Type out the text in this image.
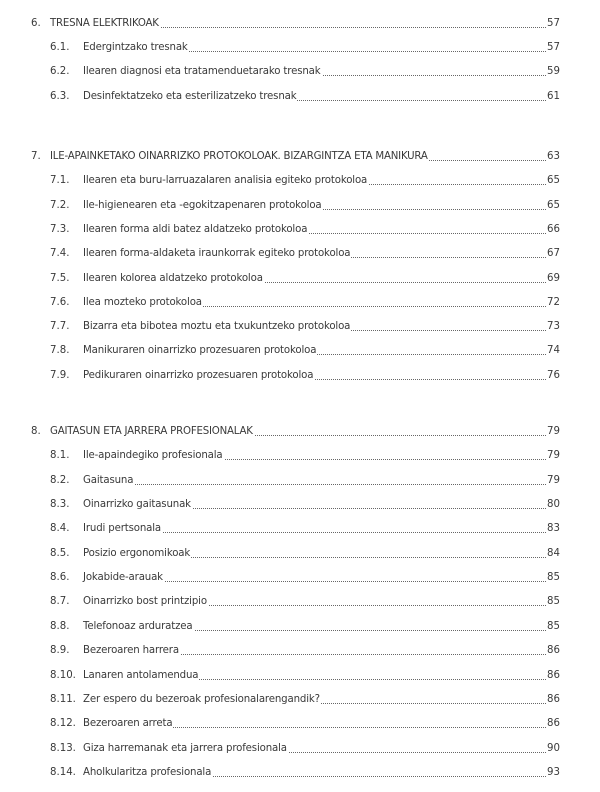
6. TRESNA ELEKTRIKOAK	57
6.1. Edergintzako tresnak	57
6.2. Ilearen diagnosi eta tratamenduetarako tresnak	59
6.3. Desinfektatzeko eta esterilizatzeko tresnak	61
7. ILE-APAINKETAKO OINARRIZKO PROTOKOLOAK. BIZARGINTZA ETA MANIKURA	63
7.1. Ilearen eta buru-larruazalaren analisia egiteko protokoloa	65
7.2. Ile-higienearen eta -egokitzapenaren protokoloa	65
7.3. Ilearen forma aldi batez aldatzeko protokoloa	66
7.4. Ilearen forma-aldaketa iraunkorrak egiteko protokoloa	67
7.5. Ilearen kolorea aldatzeko protokoloa	69
7.6. Ilea mozteko protokoloa	72
7.7. Bizarra eta bibotea moztu eta txukuntzeko protokoloa	73
7.8. Manikuraren oinarrizko prozesuaren protokoloa	74
7.9. Pedikuraren oinarrizko prozesuaren protokoloa	76
8. GAITASUN ETA JARRERA PROFESIONALAK	79
8.1. Ile-apaindegiko profesionala	79
8.2. Gaitasuna	79
8.3. Oinarrizko gaitasunak	80
8.4. Irudi pertsonala	83
8.5. Posizio ergonomikoak	84
8.6. Jokabide-arauak	85
8.7. Oinarrizko bost printzipio	85
8.8. Telefonoaz arduratzea	85
8.9. Bezeroaren harrera	86
8.10. Lanaren antolamendua	86
8.11. Zer espero du bezeroak profesionalarengandik?	86
8.12. Bezeroaren arreta	86
8.13. Giza harremanak eta jarrera profesionala	90
8.14. Aholkularitza profesionala	93
